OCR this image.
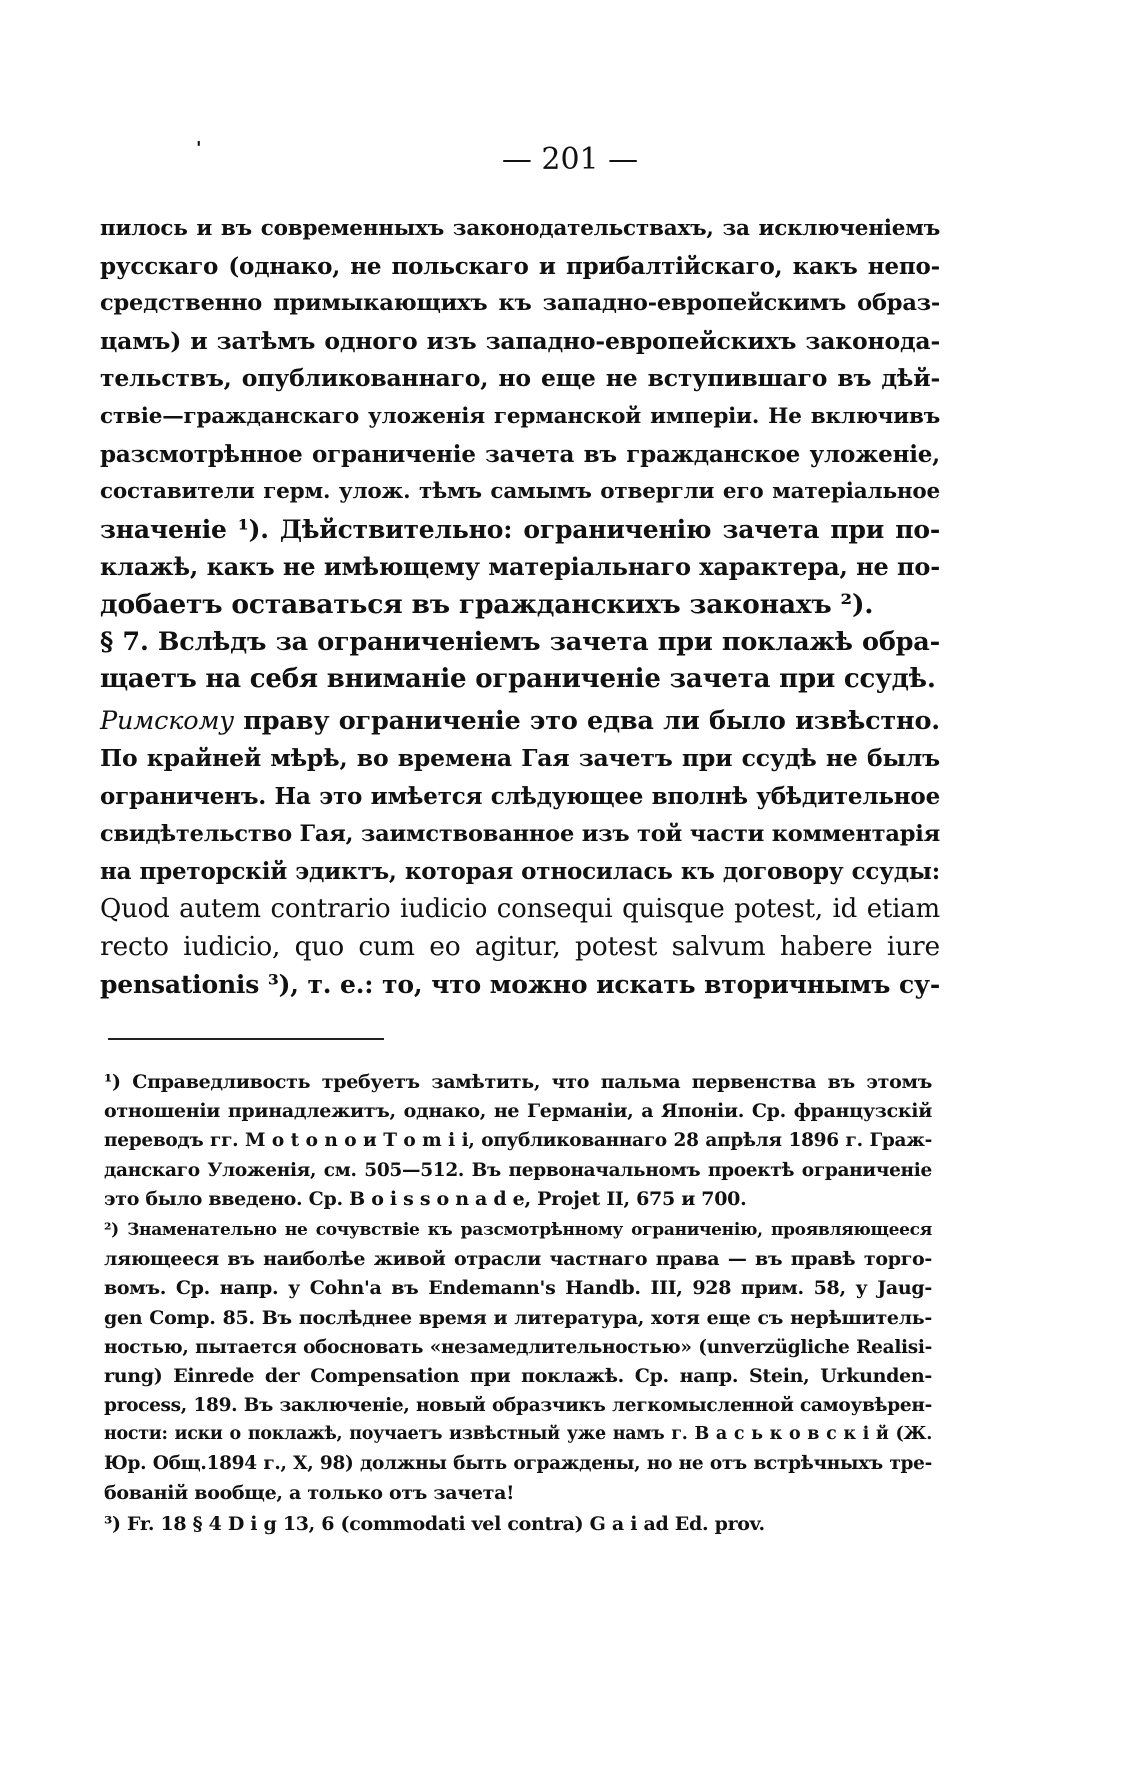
'	— 201 —
пилось и въ современныхъ законодательствахъ, за исключеніемъ
русскаго (однако, не польскаго и прибалтійскаго, какъ непо-
средственно примыкающихъ къ западно-европейскимъ образ-
цамъ) и затѣмъ одного изъ западно-европейскихъ законода-
тельствъ, опубликованнаго, но еще не вступившаго въ дѣй-
ствіе—гражданскаго уложенія германской имперіи. Не включивъ
разсмотрѣнное ограниченіе зачета въ гражданское уложеніе,
составители герм. улож. тѣмъ самымъ отвергли его матеріальное
значеніе ¹). Дѣйствительно: ограниченію зачета при по-
клажѣ, какъ не имѣющему матеріальнаго характера, не по-
добаетъ оставаться въ гражданскихъ законахъ ²).
§ 7. Вслѣдъ за ограниченіемъ зачета при поклажѣ обра-
щаетъ на себя вниманіе ограниченіе зачета при ссудѣ.
Римскому праву ограниченіе это едва ли было извѣстно.
По крайней мѣрѣ, во времена Гая зачетъ при ссудѣ не былъ
ограниченъ. На это имѣется слѣдующее вполнѣ убѣдительное
свидѣтельство Гая, заимствованное изъ той части комментарія
на преторскій эдиктъ, которая относилась къ договору ссуды:
Quod autem contrario iudicio consequi quisque potest, id etiam
recto iudicio, quo cum eo agitur, potest salvum habere iure
pensationis ³), т. е.: то, что можно искать вторичнымъ су-
¹) Справедливость требуетъ замѣтить, что пальма первенства въ этомъ
отношеніи принадлежитъ, однако, не Германіи, а Японіи. Ср. французскій
переводъ гг. M o t o n o и T o m i i, опубликованнаго 28 апрѣля 1896 г. Граж-
данскаго Уложенія, см. 505—512. Въ первоначальномъ проектѣ ограниченіе
это было введено. Ср. B o i s s o n a d e, Projet II, 675 и 700.
²) Знаменательно не сочувствіе къ разсмотрѣнному ограниченію, проявляющееся
ляющееся въ наиболѣе живой отрасли частнаго права — въ правѣ торго-
вомъ. Ср. напр. у Cohn'a въ Endemann's Handb. III, 928 прим. 58, у Jaug-
gen Comp. 85. Въ послѣднее время и литература, хотя еще съ нерѣшитель-
ностью, пытается обосновать «незамедлительностью» (unverzügliche Realisi-
rung) Einrede der Compensation при поклажѣ. Ср. напр. Stein, Urkunden-
process, 189. Въ заключеніе, новый образчикъ легкомысленной самоувѣрен-
ности: иски о поклажѣ, поучаетъ извѣстный уже намъ г. В а с ь к о в с к і й (Ж.
Юр. Общ.1894 г., X, 98) должны быть ограждены, но не отъ встрѣчныхъ тре-
бованій вообще, а только отъ зачета!
³) Fr. 18 § 4 D i g 13, 6 (commodati vel contra) G a i ad Ed. prov.
